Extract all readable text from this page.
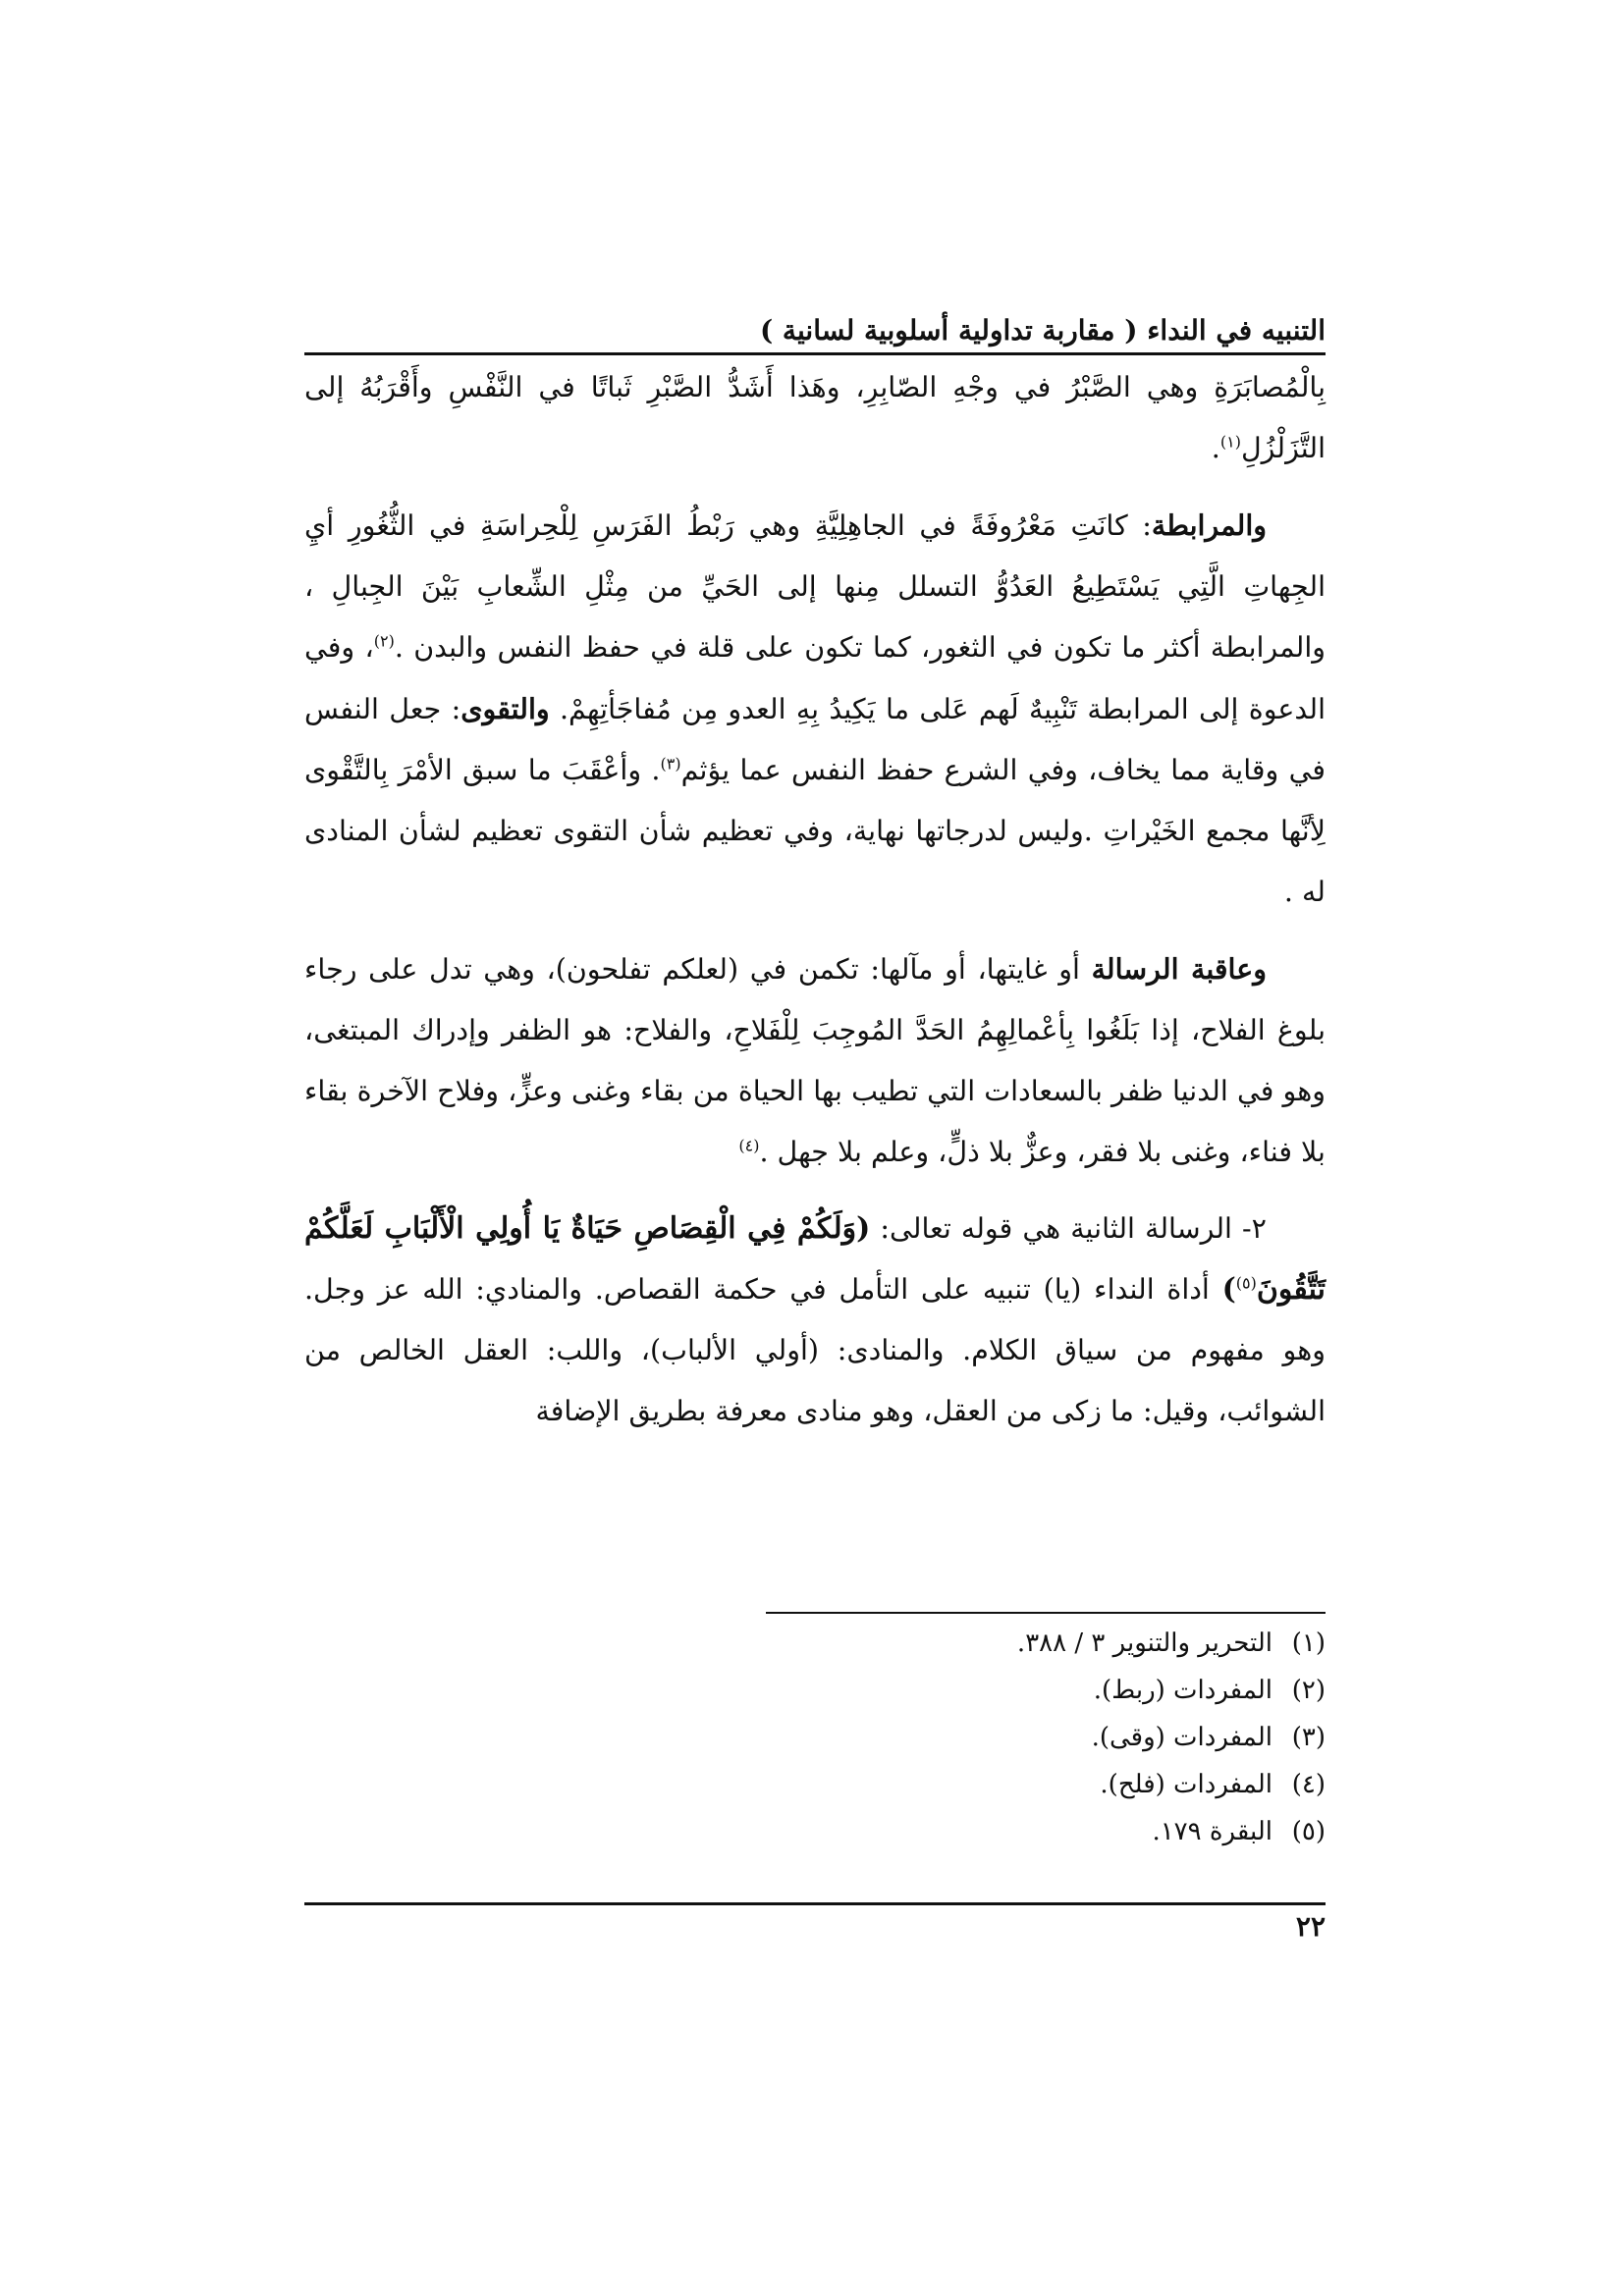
التنبيه في النداء ( مقاربة تداولية أسلوبية لسانية )

بِالْمُصابَرَةِ وهي الصَّبْرُ في وجْهِ الصّابِرِ، وهَذا أَشَدُّ الصَّبْرِ ثَباتًا في النَّفْسِ وأَقْرَبُهُ إلى التَّزَلْزُلِ$^{(١)}$.

والمرابطة: كانَتِ مَعْرُوفَةً في الجاهِلِيَّةِ وهي رَبْطُ الفَرَسِ لِلْحِراسَةِ في الثُّغُورِ أيِ الجِهاتِ الَّتِي يَسْتَطِيعُ العَدُوُّ التسلل مِنها إلى الحَيِّ من مِثْلِ الشِّعابِ بَيْنَ الجِبالِ ، والمرابطة أكثر ما تكون في الثغور، كما تكون على قلة في حفظ النفس والبدن .$^{(٢)}$، وفي الدعوة إلى المرابطة تَنْبِيهٌ لَهم عَلى ما يَكِيدُ بِهِ العدو مِن مُفاجَأتِهِمْ. والتقوى: جعل النفس في وقاية مما يخاف، وفي الشرع حفظ النفس عما يؤثم$^{(٣)}$. وأعْقَبَ ما سبق الأمْرَ بِالتَّقْوى لِأنَّها مجمع الخَيْراتِ .وليس لدرجاتها نهاية، وفي تعظيم شأن التقوى تعظيم لشأن المنادى له .

وعاقبة الرسالة أو غايتها، أو مآلها: تكمن في (لعلكم تفلحون)، وهي تدل على رجاء بلوغ الفلاح، إذا بَلَغُوا بِأعْمالِهِمُ الحَدَّ المُوجِبَ لِلْفَلاحِ، والفلاح: هو الظفر وإدراك المبتغى، وهو في الدنيا ظفر بالسعادات التي تطيب بها الحياة من بقاء وغنى وعزٍّ، وفلاح الآخرة بقاء بلا فناء، وغنى بلا فقر، وعزٌّ بلا ذلٍّ، وعلم بلا جهل .$^{(٤)}$

٢- الرسالة الثانية هي قوله تعالى: (وَلَكُمْ فِي الْقِصَاصِ حَيَاةٌ يَا أُولِي الْأَلْبَابِ لَعَلَّكُمْ تَتَّقُونَ$^{(٥)}$) أداة النداء (يا) تنبيه على التأمل في حكمة القصاص. والمنادي: الله عز وجل. وهو مفهوم من سياق الكلام. والمنادى: (أولي الألباب)، واللب: العقل الخالص من الشوائب، وقيل: ما زكى من العقل، وهو منادى معرفة بطريق الإضافة

(١)
التحرير والتنوير ٣ / ٣٨٨.
(٢)
المفردات (ربط).
(٣)
المفردات (وقى).
(٤)
المفردات (فلح).
(٥)
البقرة ١٧٩.
٢٢
